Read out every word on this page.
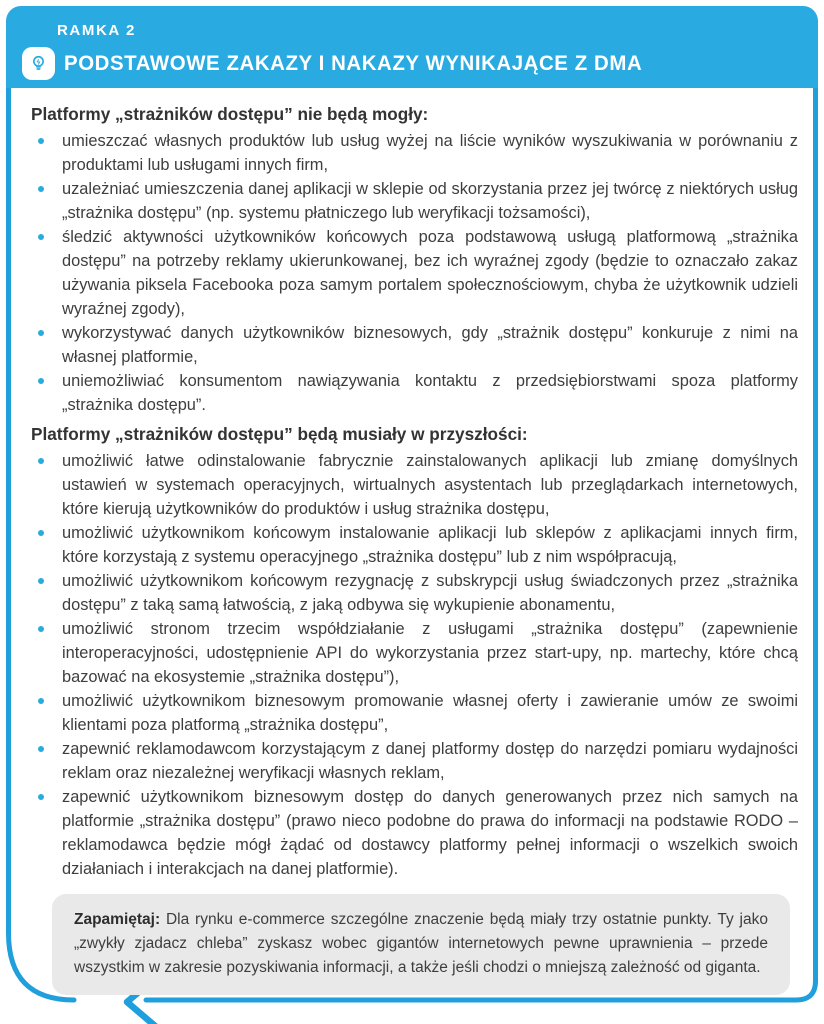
RAMKA 2
PODSTAWOWE ZAKAZY I NAKAZY WYNIKAJĄCE Z DMA

Platformy „strażników dostępu” nie będą mogły:

umieszczać własnych produktów lub usług wyżej na liście wyników wyszukiwania w porównaniu z produktami lub usługami innych firm,
uzależniać umieszczenia danej aplikacji w sklepie od skorzystania przez jej twórcę z niektórych usług „strażnika dostępu” (np. systemu płatniczego lub weryfikacji tożsamości),
śledzić aktywności użytkowników końcowych poza podstawową usługą platformową „strażnika dostępu” na potrzeby reklamy ukierunkowanej, bez ich wyraźnej zgody (będzie to oznaczało zakaz używania piksela Facebooka poza samym portalem społecznościowym, chyba że użytkownik udzieli wyraźnej zgody),
wykorzystywać danych użytkowników biznesowych, gdy „strażnik dostępu” konkuruje z nimi na własnej platformie,
uniemożliwiać konsumentom nawiązywania kontaktu z przedsiębiorstwami spoza platformy „strażnika dostępu”.

Platformy „strażników dostępu” będą musiały w przyszłości:

umożliwić łatwe odinstalowanie fabrycznie zainstalowanych aplikacji lub zmianę domyślnych ustawień w systemach operacyjnych, wirtualnych asystentach lub przeglądarkach internetowych, które kierują użytkowników do produktów i usług strażnika dostępu,
umożliwić użytkownikom końcowym instalowanie aplikacji lub sklepów z aplikacjami innych firm, które korzystają z systemu operacyjnego „strażnika dostępu” lub z nim współpracują,
umożliwić użytkownikom końcowym rezygnację z subskrypcji usług świadczonych przez „strażnika dostępu” z taką samą łatwością, z jaką odbywa się wykupienie abonamentu,
umożliwić stronom trzecim współdziałanie z usługami „strażnika dostępu” (zapewnienie interoperacyjności, udostępnienie API do wykorzystania przez start-upy, np. martechy, które chcą bazować na ekosystemie „strażnika dostępu”),
umożliwić użytkownikom biznesowym promowanie własnej oferty i zawieranie umów ze swoimi klientami poza platformą „strażnika dostępu”,
zapewnić reklamodawcom korzystającym z danej platformy dostęp do narzędzi pomiaru wydajności reklam oraz niezależnej weryfikacji własnych reklam,
zapewnić użytkownikom biznesowym dostęp do danych generowanych przez nich samych na platformie „strażnika dostępu” (prawo nieco podobne do prawa do informacji na podstawie RODO – reklamodawca będzie mógł żądać od dostawcy platformy pełnej informacji o wszelkich swoich działaniach i interakcjach na danej platformie).
Zapamiętaj: Dla rynku e-commerce szczególne znaczenie będą miały trzy ostatnie punkty. Ty jako „zwykły zjadacz chleba” zyskasz wobec gigantów internetowych pewne uprawnienia – przede wszystkim w zakresie pozyskiwania informacji, a także jeśli chodzi o mniejszą zależność od giganta.
